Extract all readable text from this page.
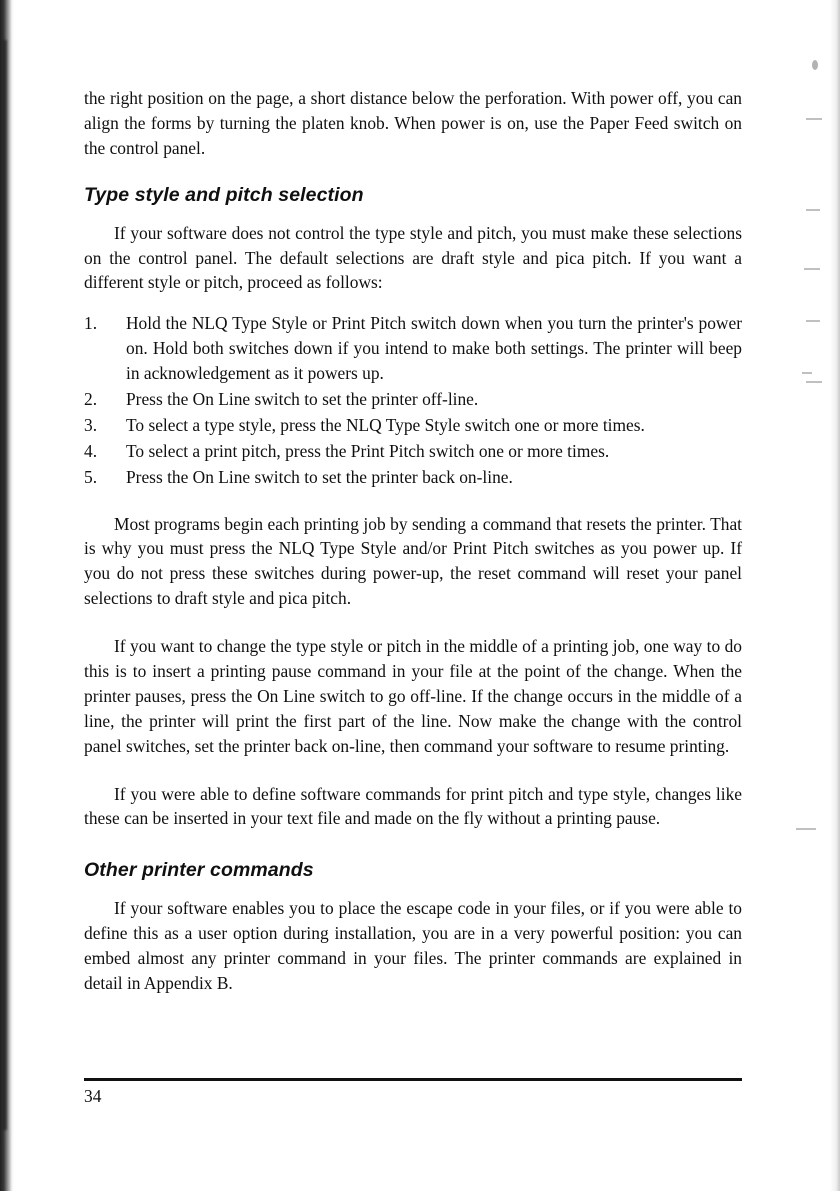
the right position on the page, a short distance below the perforation. With power off, you can align the forms by turning the platen knob. When power is on, use the Paper Feed switch on the control panel.

Type style and pitch selection

If your software does not control the type style and pitch, you must make these selections on the control panel. The default selections are draft style and pica pitch. If you want a different style or pitch, proceed as follows:

1.	Hold the NLQ Type Style or Print Pitch switch down when you turn the printer's power on. Hold both switches down if you intend to make both settings. The printer will beep in acknowledgement as it powers up.
2.	Press the On Line switch to set the printer off-line.
3.	To select a type style, press the NLQ Type Style switch one or more times.
4.	To select a print pitch, press the Print Pitch switch one or more times.
5.	Press the On Line switch to set the printer back on-line.

Most programs begin each printing job by sending a command that resets the printer. That is why you must press the NLQ Type Style and/or Print Pitch switches as you power up. If you do not press these switches during power-up, the reset command will reset your panel selections to draft style and pica pitch.

If you want to change the type style or pitch in the middle of a printing job, one way to do this is to insert a printing pause command in your file at the point of the change. When the printer pauses, press the On Line switch to go off-line. If the change occurs in the middle of a line, the printer will print the first part of the line. Now make the change with the control panel switches, set the printer back on-line, then command your software to resume printing.

If you were able to define software commands for print pitch and type style, changes like these can be inserted in your text file and made on the fly without a printing pause.

Other printer commands

If your software enables you to place the escape code in your files, or if you were able to define this as a user option during installation, you are in a very powerful position: you can embed almost any printer command in your files. The printer commands are explained in detail in Appendix B.

34
